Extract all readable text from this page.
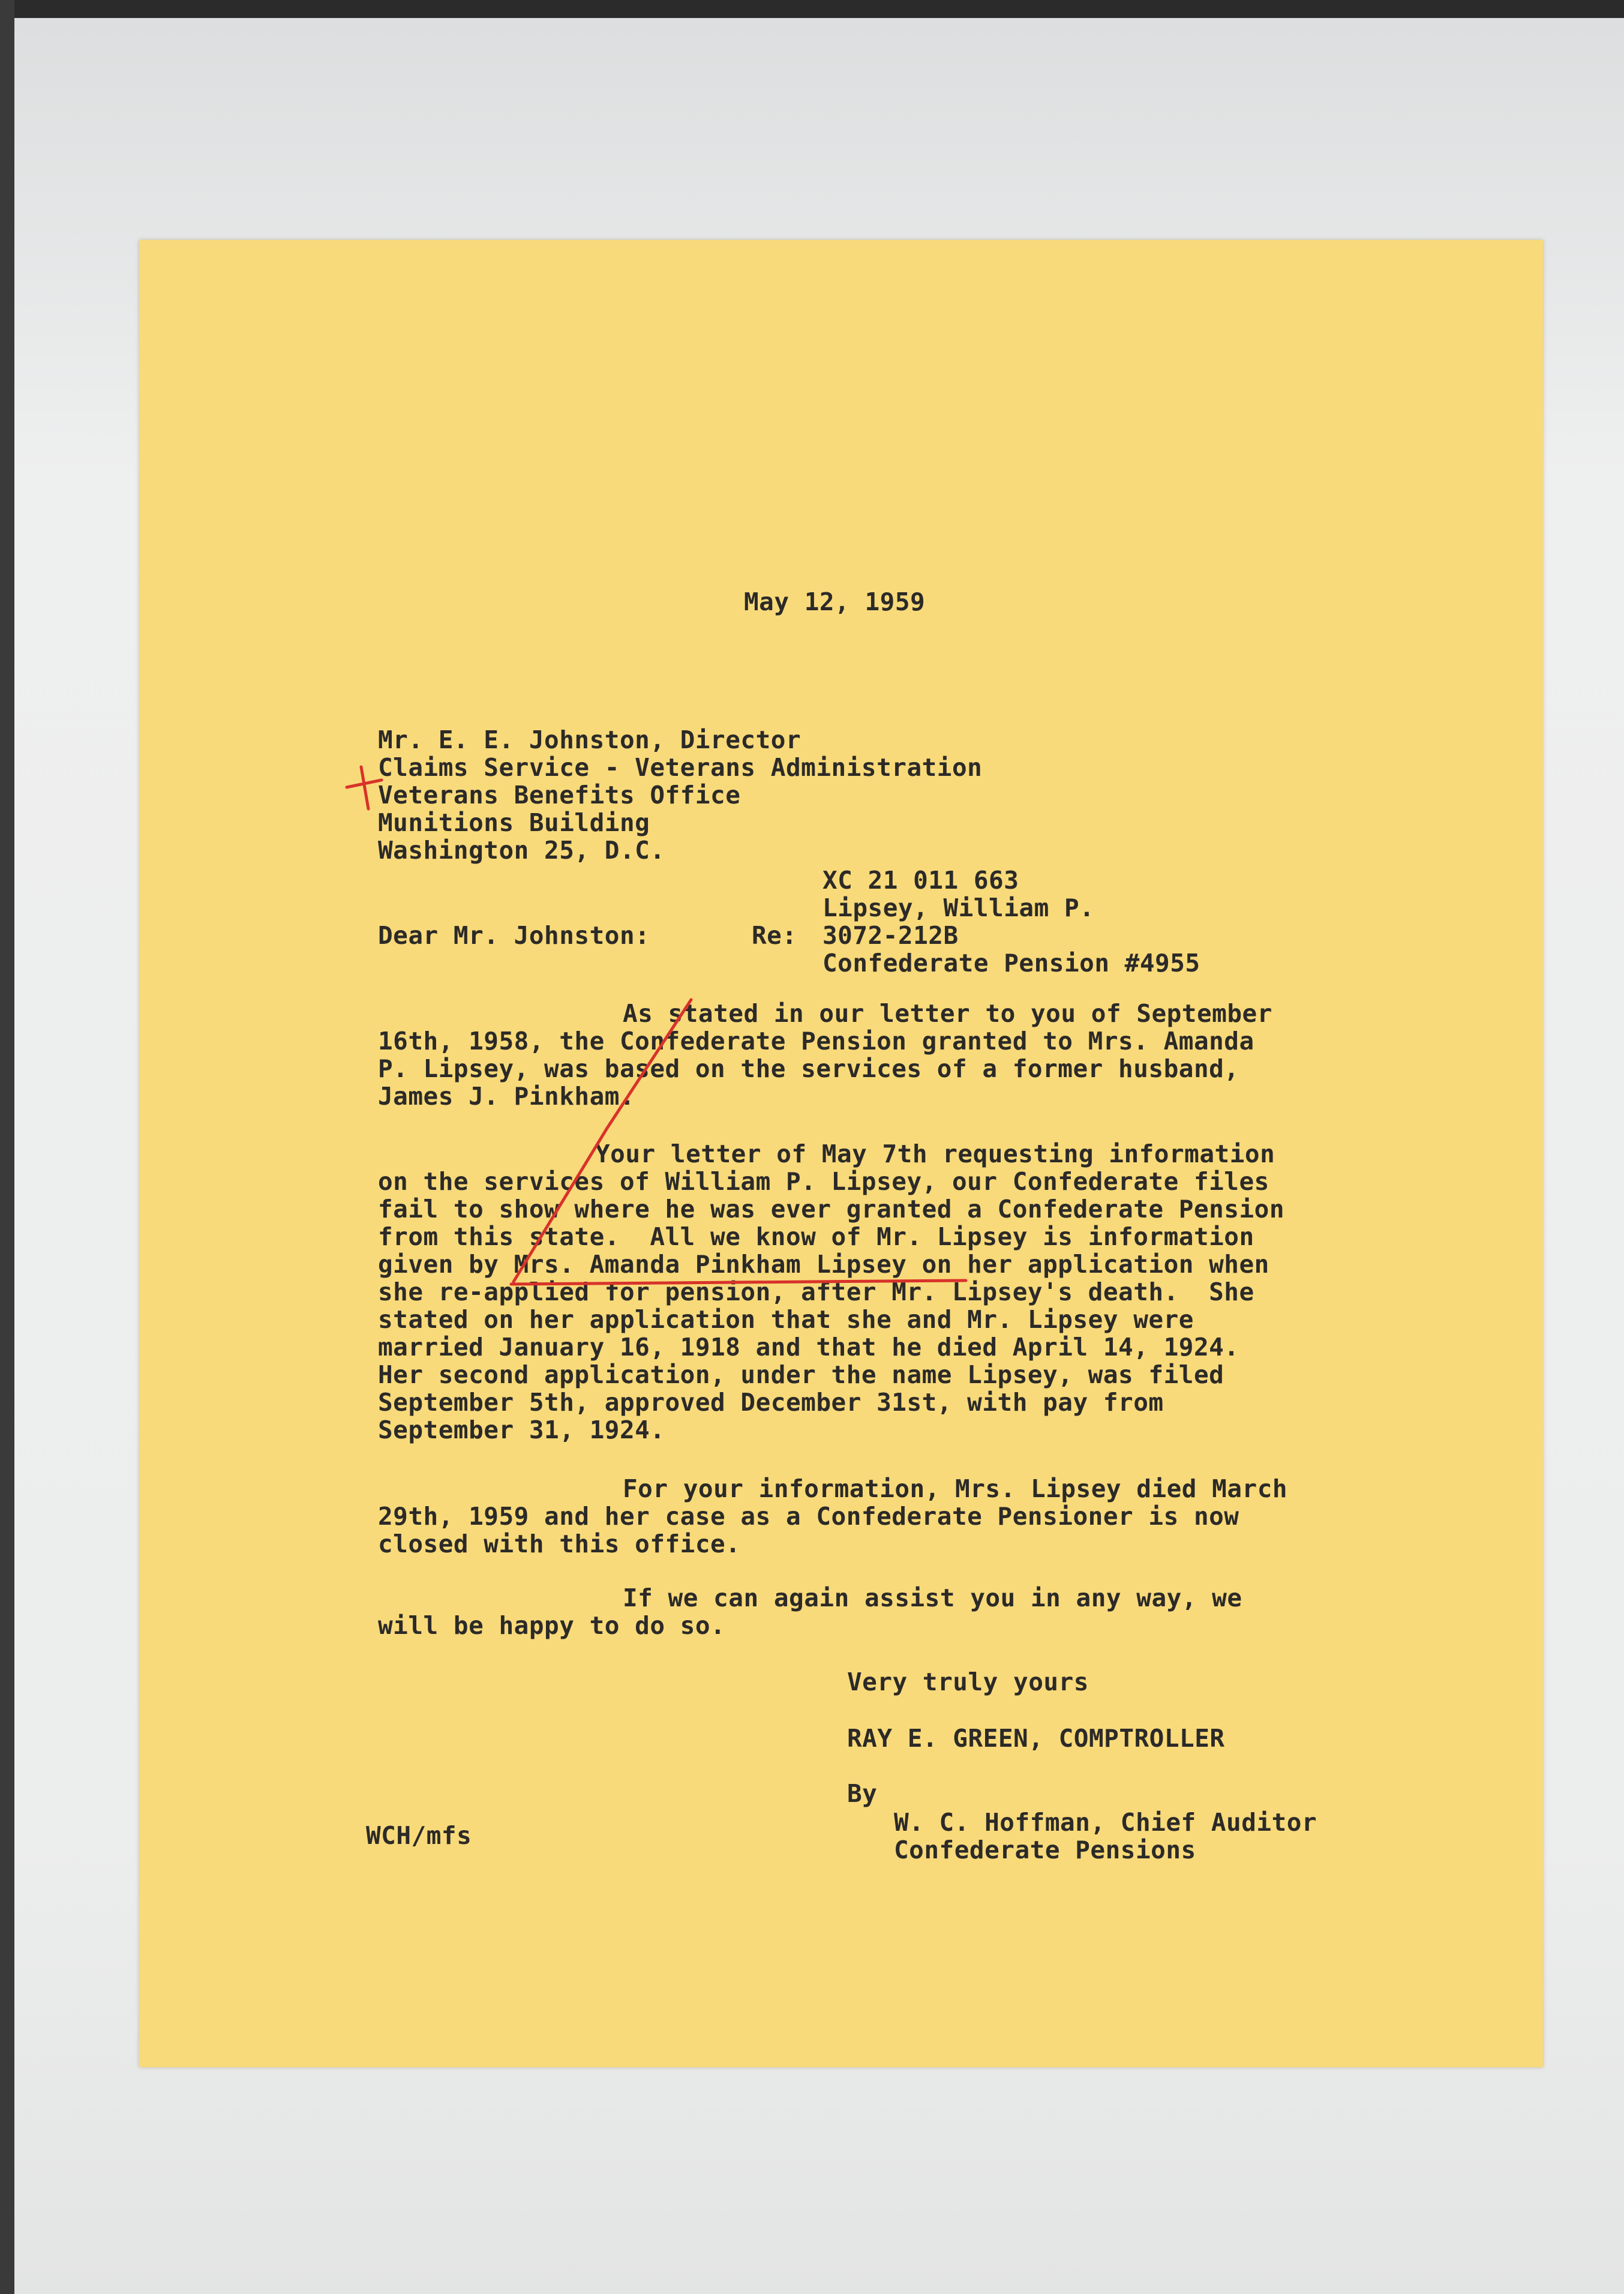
May 12, 1959

Mr. E. E. Johnston, Director

Claims Service - Veterans Administration

Veterans Benefits Office

Munitions Building

Washington 25, D.C.

XC 21 011 663

Lipsey, William P.

Re: 3072-212B

Confederate Pension #4955

Dear Mr. Johnston:

As stated in our letter to you of September

16th, 1958, the Confederate Pension granted to Mrs. Amanda

P. Lipsey, was based on the services of a former husband,

James J. Pinkham.

Your letter of May 7th requesting information

on the services of William P. Lipsey, our Confederate files

fail to show where he was ever granted a Confederate Pension

from this state.  All we know of Mr. Lipsey is information

given by Mrs. Amanda Pinkham Lipsey on her application when

she re-applied for pension, after Mr. Lipsey's death.  She

stated on her application that she and Mr. Lipsey were

married January 16, 1918 and that he died April 14, 1924.

Her second application, under the name Lipsey, was filed

September 5th, approved December 31st, with pay from

September 31, 1924.

For your information, Mrs. Lipsey died March

29th, 1959 and her case as a Confederate Pensioner is now

closed with this office.

If we can again assist you in any way, we

will be happy to do so.

Very truly yours

RAY E. GREEN, COMPTROLLER

By

W. C. Hoffman, Chief Auditor

Confederate Pensions

WCH/mfs
